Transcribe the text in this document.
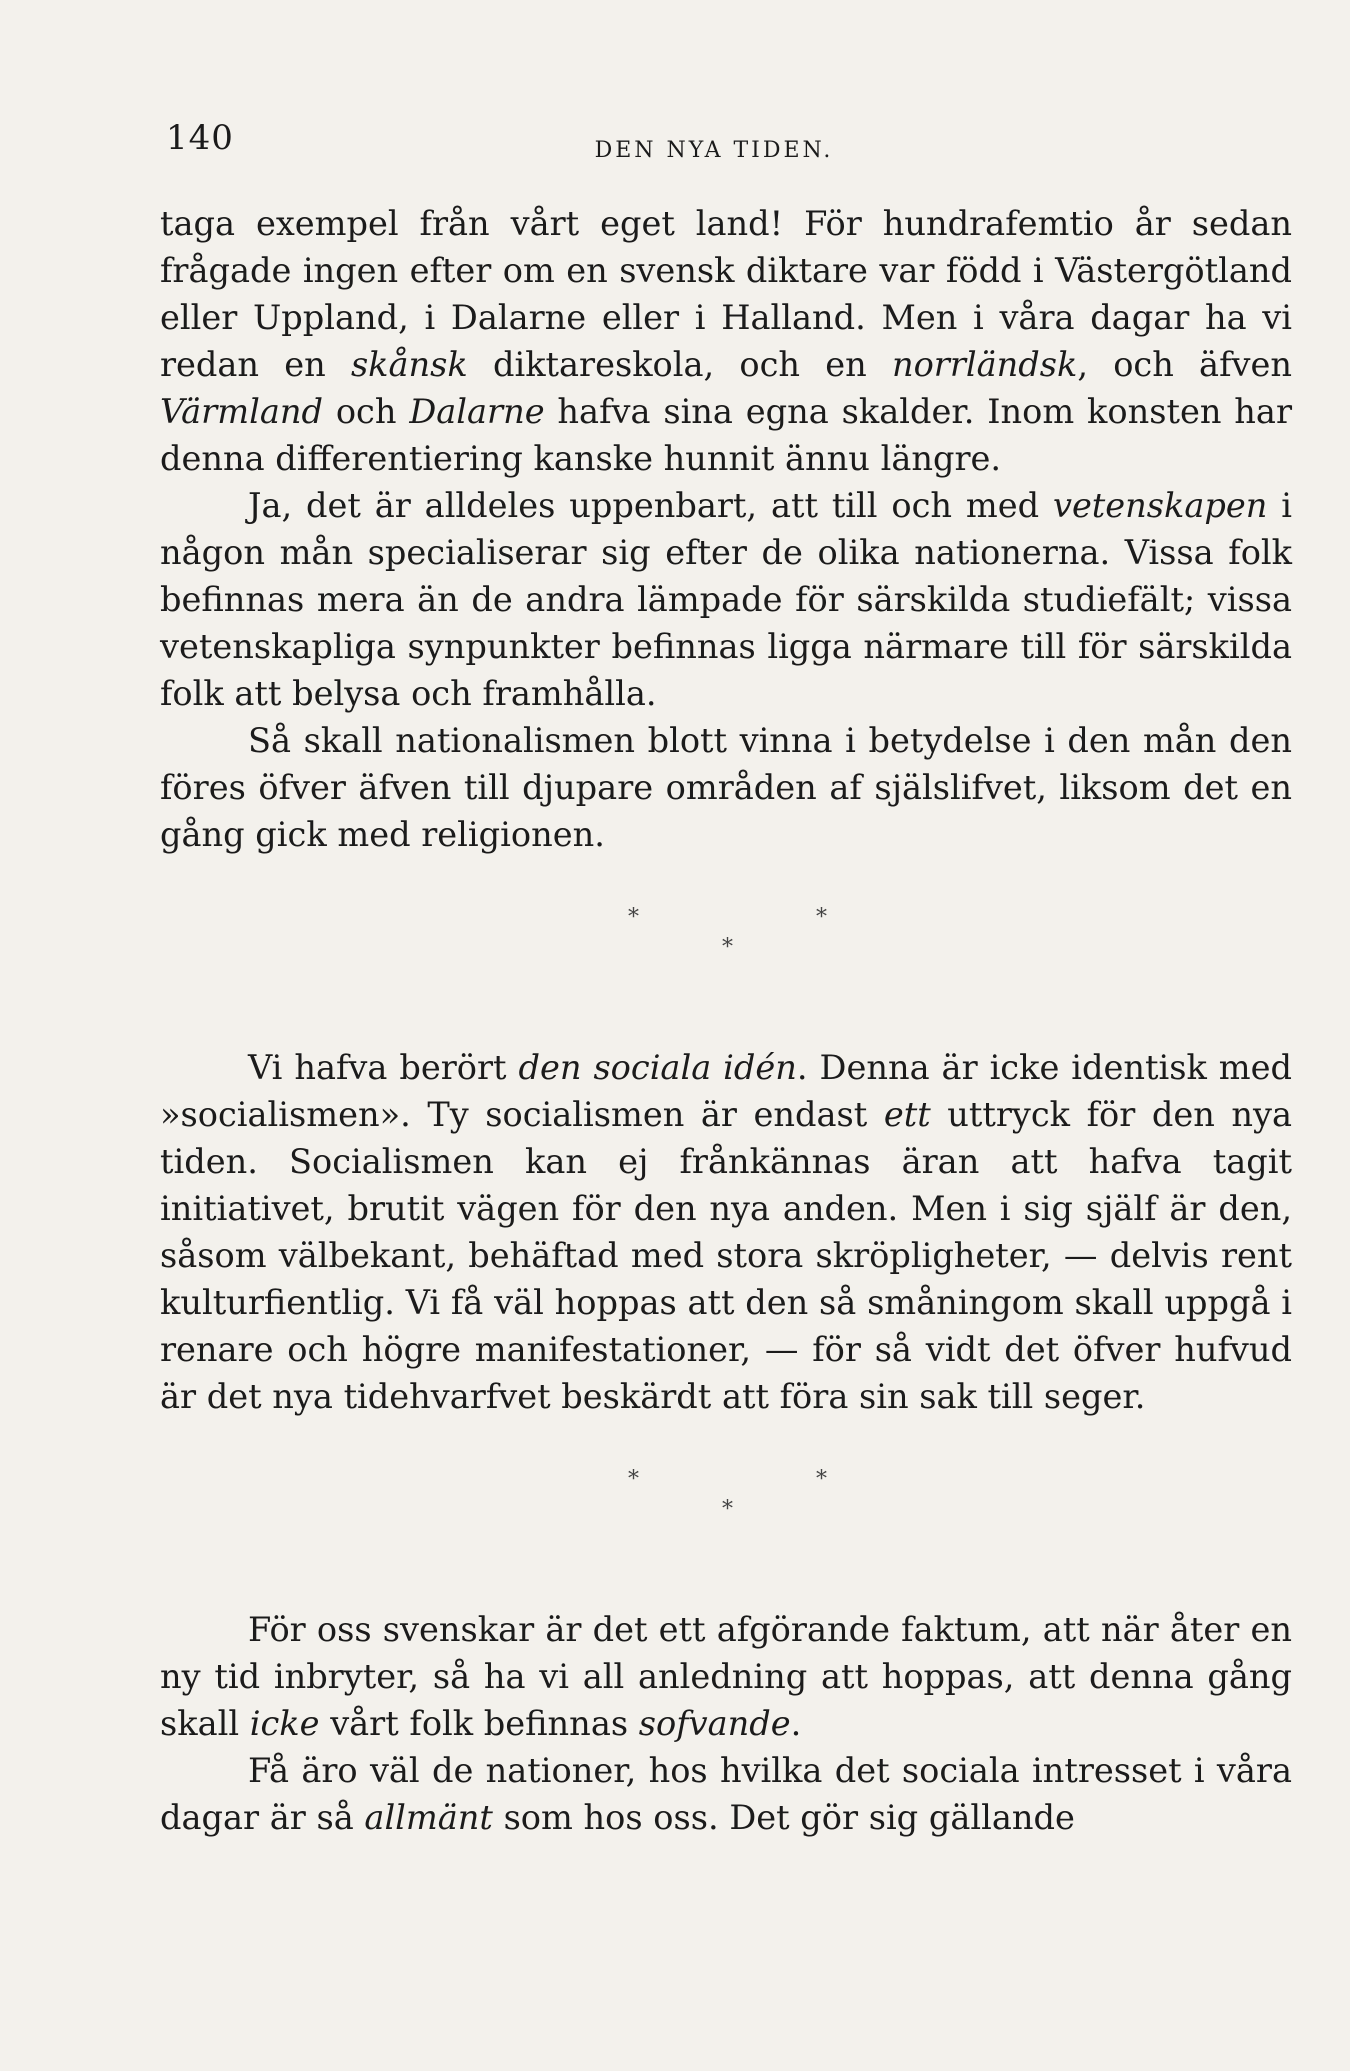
140	DEN NYA TIDEN.

taga exempel från vårt eget land! För hundrafemtio år sedan frågade ingen efter om en svensk diktare var född i Västergötland eller Uppland, i Dalarne eller i Halland. Men i våra dagar ha vi redan en skånsk diktareskola, och en norrländsk, och äfven Värmland och Dalarne hafva sina egna skalder. Inom konsten har denna differentiering kanske hunnit ännu längre.

Ja, det är alldeles uppenbart, att till och med vetenskapen i någon mån specialiserar sig efter de olika nationerna. Vissa folk befinnas mera än de andra lämpade för särskilda studiefält; vissa vetenskapliga synpunkter befinnas ligga närmare till för särskilda folk att belysa och framhålla.

Så skall nationalismen blott vinna i betydelse i den mån den föres öfver äfven till djupare områden af själslifvet, liksom det en gång gick med religionen.

*	*
*

Vi hafva berört den sociala idén. Denna är icke identisk med »socialismen». Ty socialismen är endast ett uttryck för den nya tiden. Socialismen kan ej frånkännas äran att hafva tagit initiativet, brutit vägen för den nya anden. Men i sig själf är den, såsom välbekant, behäftad med stora skröpligheter, — delvis rent kulturfientlig. Vi få väl hoppas att den så småningom skall uppgå i renare och högre manifestationer, — för så vidt det öfver hufvud är det nya tidehvarfvet beskärdt att föra sin sak till seger.

*	*
*

För oss svenskar är det ett afgörande faktum, att när åter en ny tid inbryter, så ha vi all anledning att hoppas, att denna gång skall icke vårt folk befinnas sofvande.

Få äro väl de nationer, hos hvilka det sociala intresset i våra dagar är så allmänt som hos oss. Det gör sig gällande
